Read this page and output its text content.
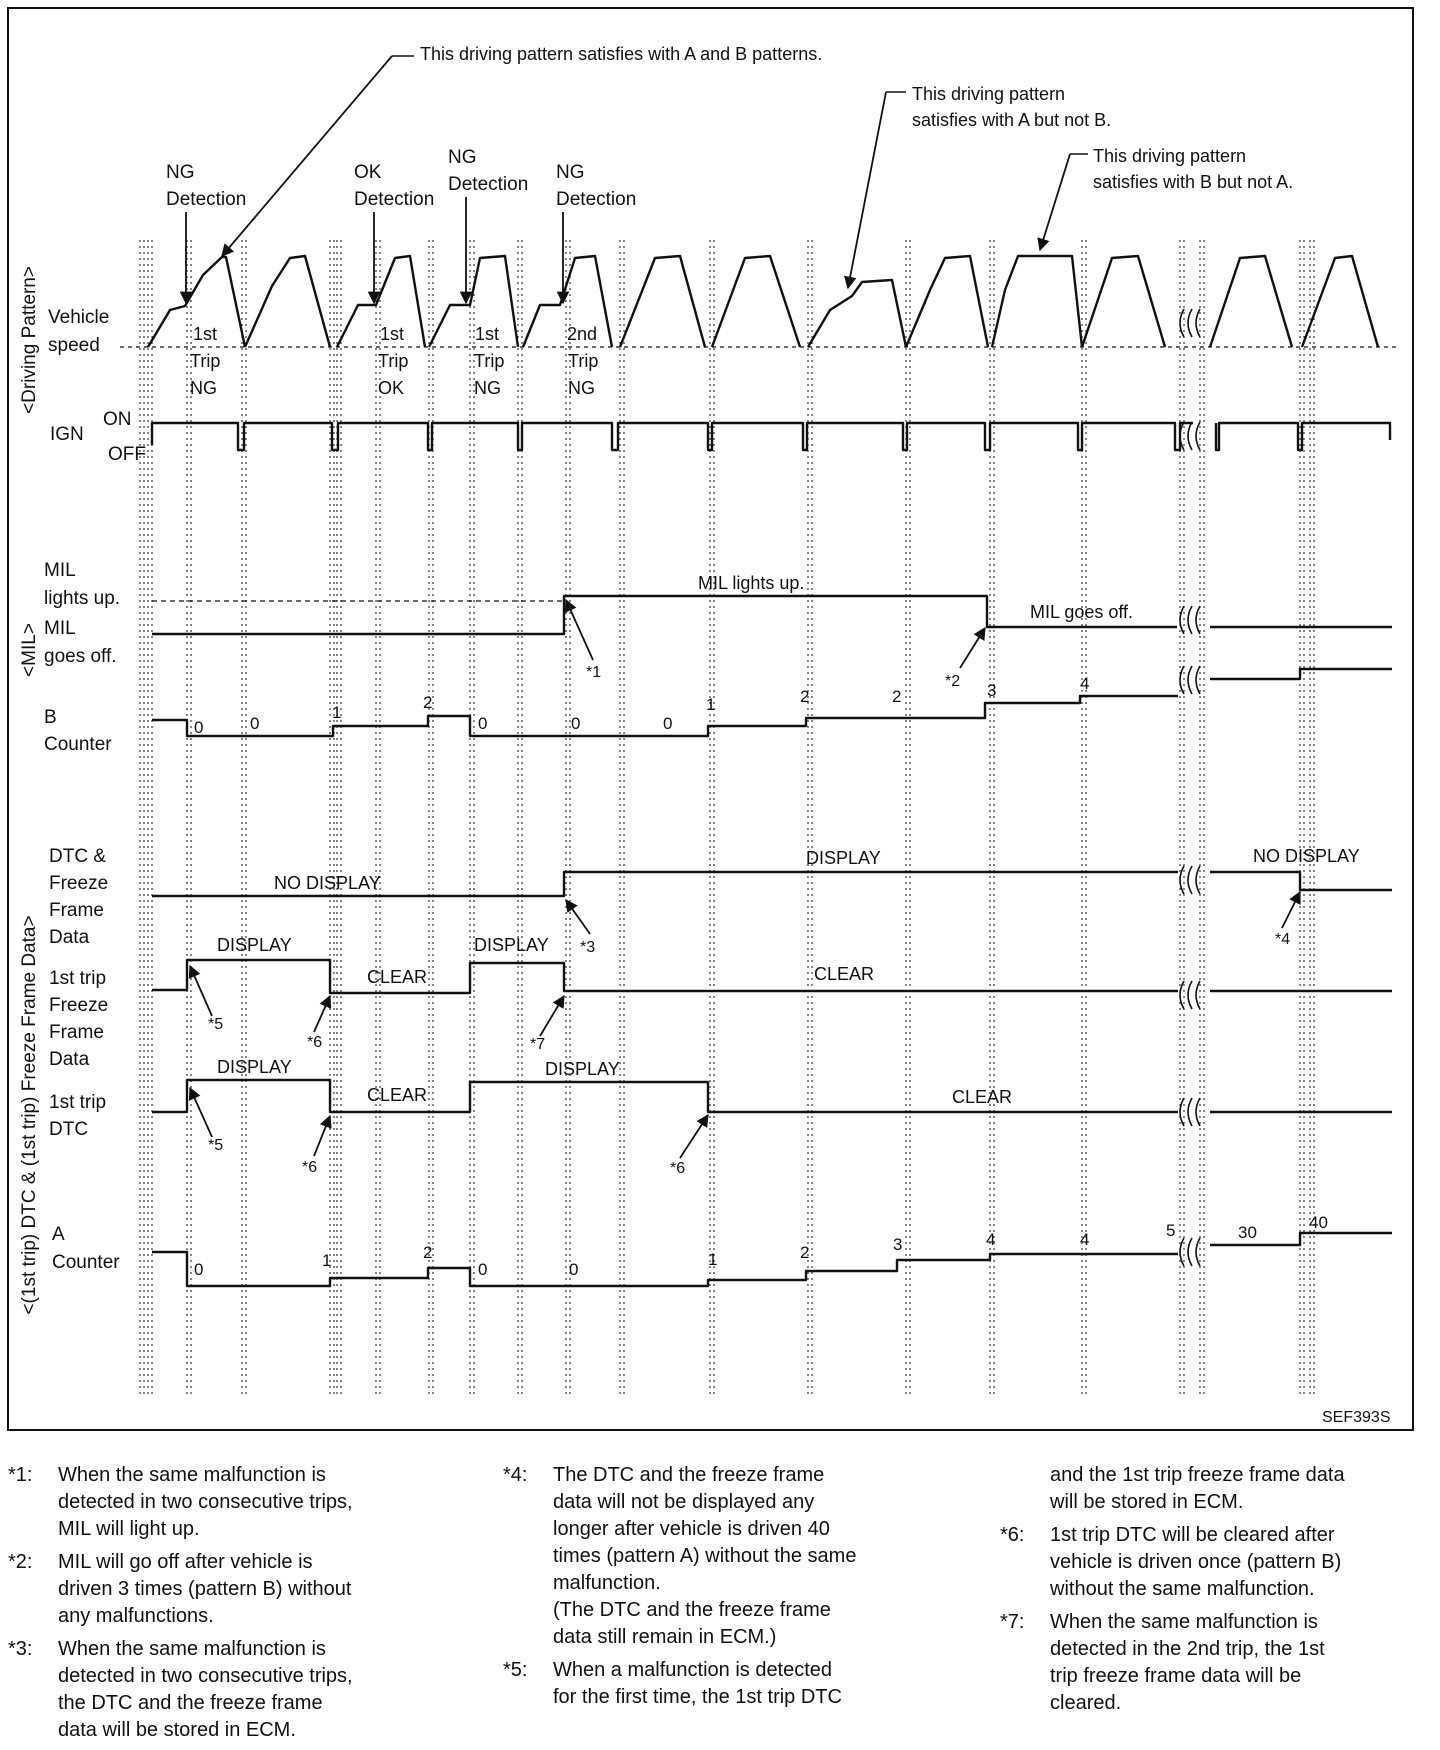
<Driving Pattern>
<MIL>
<(1st trip) DTC & (1st trip) Freeze Frame Data>
Vehicle
speed
IGN
ON
OFF
MIL
lights up.
MIL
goes off.
B
Counter
DTC &
Freeze
Frame
Data
1st trip
Freeze
Frame
Data
1st trip
DTC
A
Counter
This driving pattern satisfies with A and B patterns.
This driving pattern
satisfies with A but not B.
This driving pattern
satisfies with B but not A.
NG
Detection
OK
Detection
NG
Detection
NG
Detection
1st
Trip
NG
1st
Trip
OK
1st
Trip
NG
2nd
Trip
NG
MIL lights up.
MIL goes off.
NO DISPLAY
DISPLAY	NO DISPLAY
DISPLAY
CLEAR
DISPLAY
CLEAR
DISPLAY
CLEAR
DISPLAY
CLEAR
0	0
1
2
0	0	0
1	2	2	3	4
0	1	2
0	0
1	2	3	4	4	5	30
40
*1
*2
*3	*4
*5
*6	*7
*5
*6	*6
SEF393S
*1:	When the same malfunction is
detected in two consecutive trips,
MIL will light up.
*2:	MIL will go off after vehicle is
driven 3 times (pattern B) without
any malfunctions.
*3:	When the same malfunction is
detected in two consecutive trips,
the DTC and the freeze frame
data will be stored in ECM.
*4:	The DTC and the freeze frame
data will not be displayed any
longer after vehicle is driven 40
times (pattern A) without the same
malfunction.
(The DTC and the freeze frame
data still remain in ECM.)
*5:	When a malfunction is detected
for the first time, the 1st trip DTC
and the 1st trip freeze frame data
will be stored in ECM.
*6:	1st trip DTC will be cleared after
vehicle is driven once (pattern B)
without the same malfunction.
*7:	When the same malfunction is
detected in the 2nd trip, the 1st
trip freeze frame data will be
cleared.
